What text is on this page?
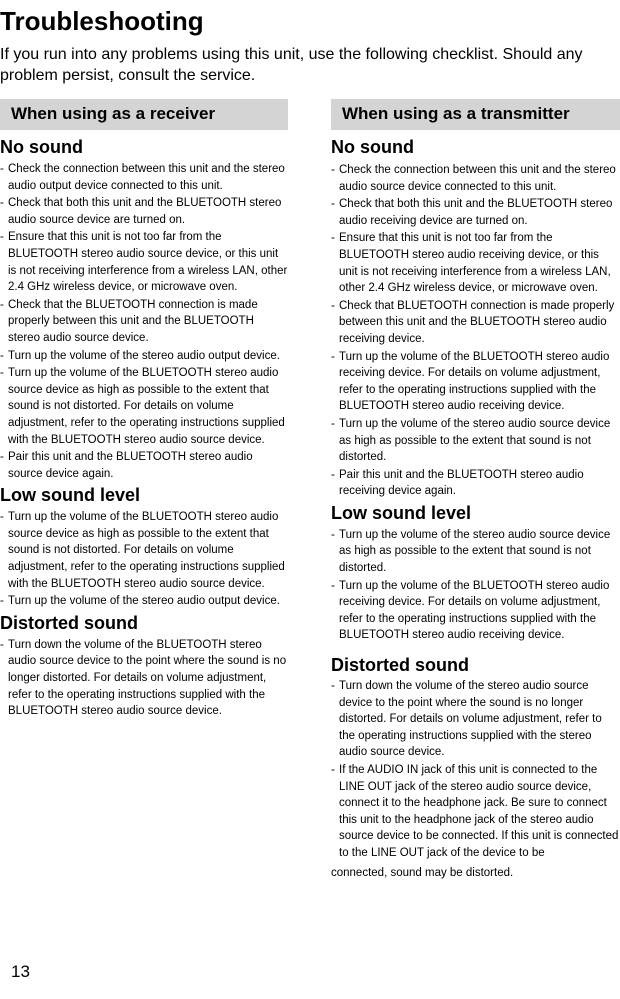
Troubleshooting

If you run into any problems using this unit, use the following checklist. Should any problem persist, consult the service.

When using as a receiver
No sound
- Check the connection between this unit and the stereo audio output device connected to this unit.
- Check that both this unit and the BLUETOOTH stereo audio source device are turned on.
- Ensure that this unit is not too far from the BLUETOOTH stereo audio source device, or this unit is not receiving interference from a wireless LAN, other 2.4 GHz wireless device, or microwave oven.
- Check that the BLUETOOTH connection is made properly between this unit and the BLUETOOTH stereo audio source device.
- Turn up the volume of the stereo audio output device.
- Turn up the volume of the BLUETOOTH stereo audio source device as high as possible to the extent that sound is not distorted. For details on volume adjustment, refer to the operating instructions supplied with the BLUETOOTH stereo audio source device.
- Pair this unit and the BLUETOOTH stereo audio source device again.
Low sound level
- Turn up the volume of the BLUETOOTH stereo audio source device as high as possible to the extent that sound is not distorted. For details on volume adjustment, refer to the operating instructions supplied with the BLUETOOTH stereo audio source device.
- Turn up the volume of the stereo audio output device.
Distorted sound
- Turn down the volume of the BLUETOOTH stereo audio source device to the point where the sound is no longer distorted. For details on volume adjustment, refer to the operating instructions supplied with the BLUETOOTH stereo audio source device.
When using as a transmitter
No sound
- Check the connection between this unit and the stereo audio source device connected to this unit.
- Check that both this unit and the BLUETOOTH stereo audio receiving device are turned on.
- Ensure that this unit is not too far from the BLUETOOTH stereo audio receiving device, or this unit is not receiving interference from a wireless LAN, other 2.4 GHz wireless device, or microwave oven.
- Check that BLUETOOTH connection is made properly between this unit and the BLUETOOTH stereo audio receiving device.
- Turn up the volume of the BLUETOOTH stereo audio receiving device. For details on volume adjustment, refer to the operating instructions supplied with the BLUETOOTH stereo audio receiving device.
- Turn up the volume of the stereo audio source device as high as possible to the extent that sound is not distorted.
- Pair this unit and the BLUETOOTH stereo audio receiving device again.
Low sound level
- Turn up the volume of the stereo audio source device as high as possible to the extent that sound is not distorted.
- Turn up the volume of the BLUETOOTH stereo audio receiving device. For details on volume adjustment, refer to the operating instructions supplied with the BLUETOOTH stereo audio receiving device.
Distorted sound
- Turn down the volume of the stereo audio source device to the point where the sound is no longer distorted. For details on volume adjustment, refer to the operating instructions supplied with the stereo audio source device.
- If the AUDIO IN jack of this unit is connected to the LINE OUT jack of the stereo audio source device, connect it to the headphone jack. Be sure to connect this unit to the headphone jack of the stereo audio source device to be connected. If this unit is connected to the LINE OUT jack of the device to be
connected, sound may be distorted.
13
